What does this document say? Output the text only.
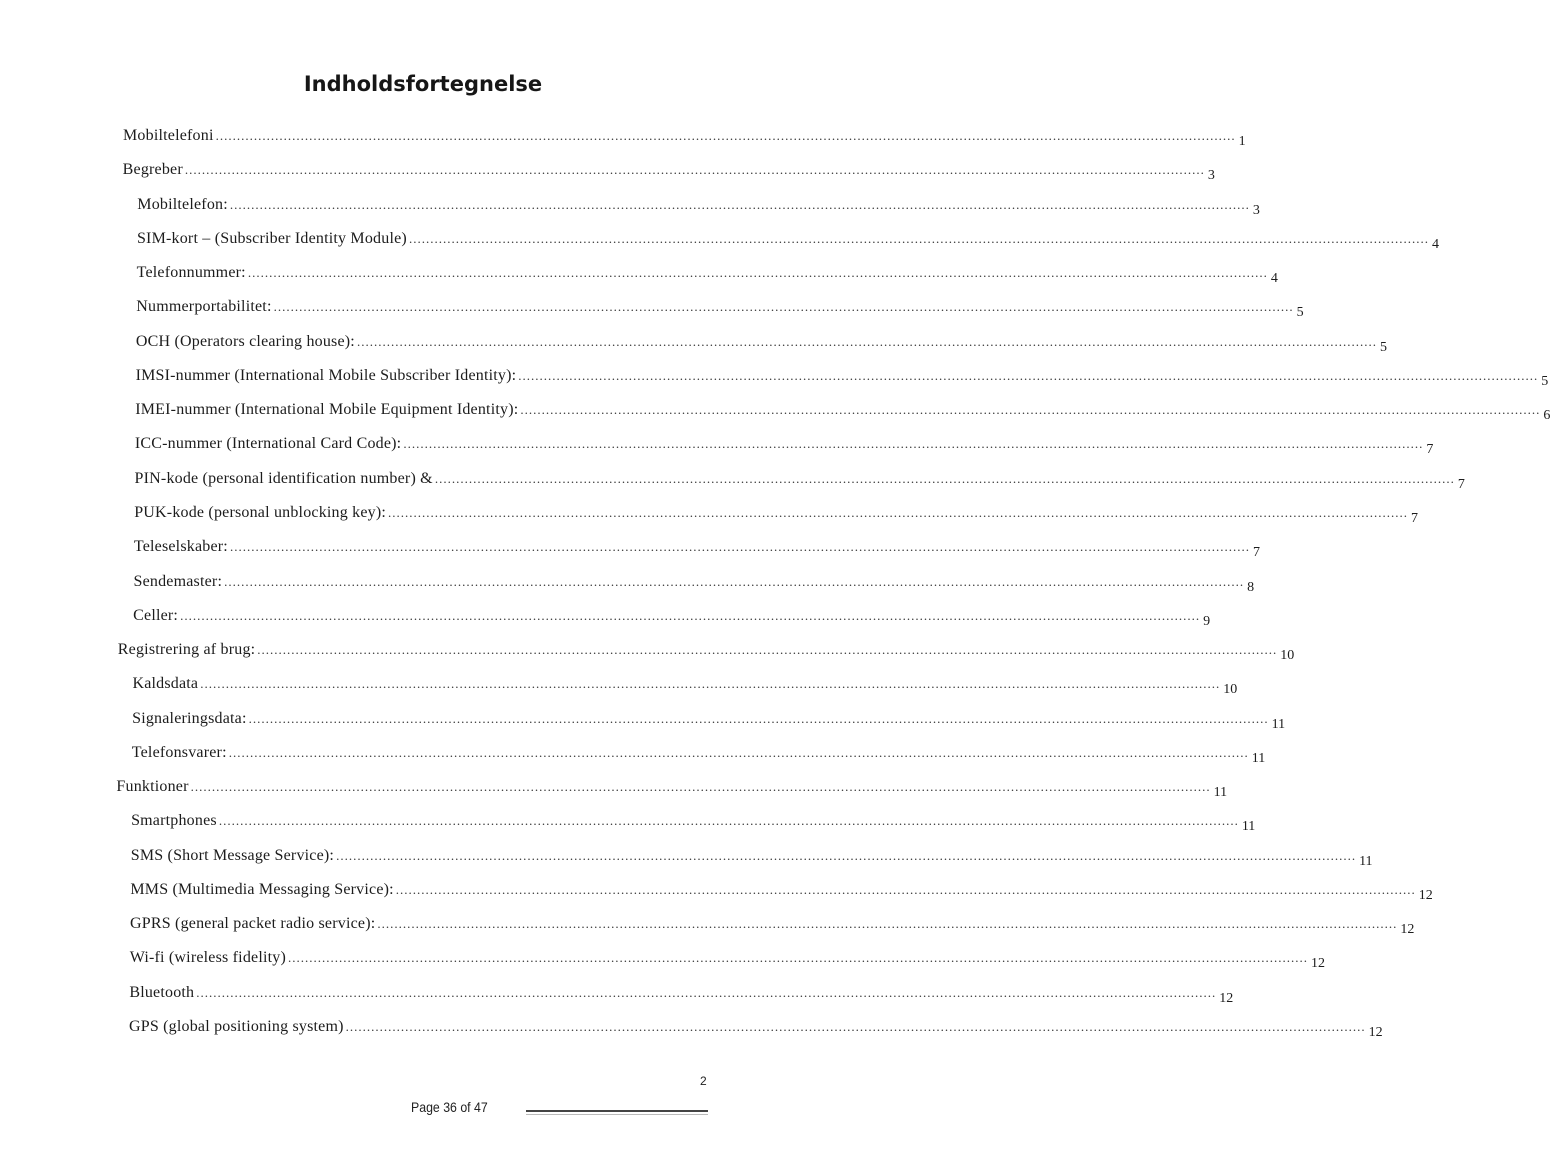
Indholdsfortegnelse
Mobiltelefoni ................................................................................................................................................................................................................................................ 1
Begreber ................................................................................................................................................................................................................................................ 3
Mobiltelefon: ................................................................................................................................................................................................................................................ 3
SIM-kort – (Subscriber Identity Module) ................................................................................................................................................................................................................................................ 4
Telefonnummer: ................................................................................................................................................................................................................................................ 4
Nummerportabilitet: ................................................................................................................................................................................................................................................ 5
OCH (Operators clearing house): ................................................................................................................................................................................................................................................ 5
IMSI-nummer (International Mobile Subscriber Identity): ................................................................................................................................................................................................................................................ 5
IMEI-nummer (International Mobile Equipment Identity): ................................................................................................................................................................................................................................................ 6
ICC-nummer (International Card Code): ................................................................................................................................................................................................................................................ 7
PIN-kode (personal identification number) & ................................................................................................................................................................................................................................................ 7
PUK-kode (personal unblocking key): ................................................................................................................................................................................................................................................ 7
Teleselskaber: ................................................................................................................................................................................................................................................ 7
Sendemaster: ................................................................................................................................................................................................................................................ 8
Celler: ................................................................................................................................................................................................................................................ 9
Registrering af brug: ................................................................................................................................................................................................................................................ 10
Kaldsdata ................................................................................................................................................................................................................................................ 10
Signaleringsdata: ................................................................................................................................................................................................................................................ 11
Telefonsvarer: ................................................................................................................................................................................................................................................ 11
Funktioner ................................................................................................................................................................................................................................................ 11
Smartphones ................................................................................................................................................................................................................................................ 11
SMS (Short Message Service): ................................................................................................................................................................................................................................................ 11
MMS (Multimedia Messaging Service): ................................................................................................................................................................................................................................................ 12
GPRS (general packet radio service): ................................................................................................................................................................................................................................................ 12
Wi-fi (wireless fidelity) ................................................................................................................................................................................................................................................ 12
Bluetooth ................................................................................................................................................................................................................................................ 12
GPS (global positioning system) ................................................................................................................................................................................................................................................ 12
2
Page 36 of 47
